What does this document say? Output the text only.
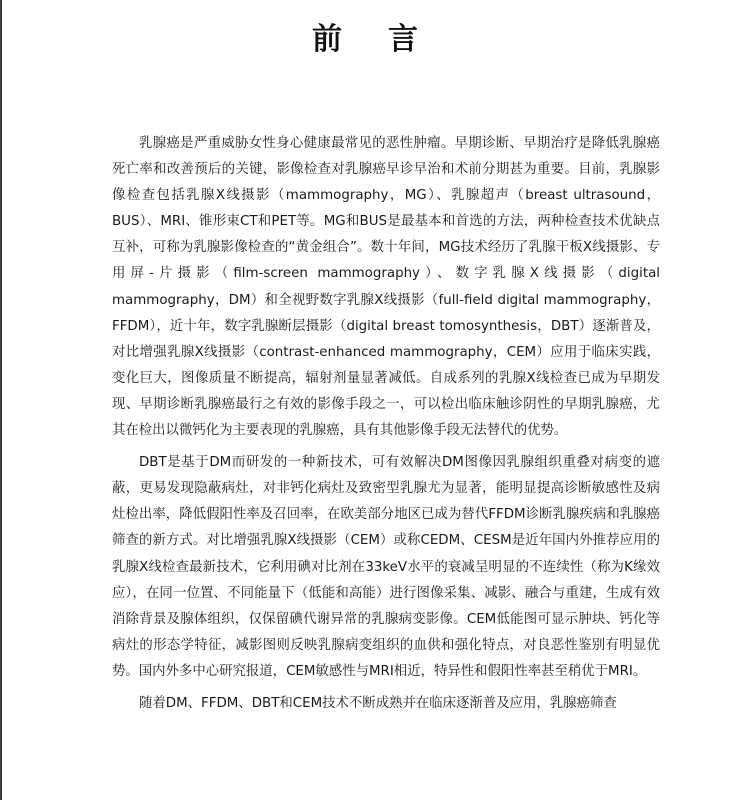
前言

乳腺癌是严重威胁女性身心健康最常见的恶性肿瘤。早期诊断、早期治疗是降低乳腺癌死亡率和改善预后的关键，影像检查对乳腺癌早诊早治和术前分期甚为重要。目前，乳腺影像检查包括乳腺X线摄影（mammography，MG）、乳腺超声（breast ultrasound，BUS）、MRI、锥形束CT和PET等。MG和BUS是最基本和首选的方法，两种检查技术优缺点互补，可称为乳腺影像检查的“黄金组合”。数十年间，MG技术经历了乳腺干板X线摄影、专用屏-片摄影（film-screen mammography）、数字乳腺X线摄影（digital mammography，DM）和全视野数字乳腺X线摄影（full-field digital mammography，FFDM），近十年，数字乳腺断层摄影（digital breast tomosynthesis，DBT）逐渐普及，对比增强乳腺X线摄影（contrast-enhanced mammography，CEM）应用于临床实践，变化巨大，图像质量不断提高，辐射剂量显著减低。自成系列的乳腺X线检查已成为早期发现、早期诊断乳腺癌最行之有效的影像手段之一，可以检出临床触诊阴性的早期乳腺癌，尤其在检出以微钙化为主要表现的乳腺癌，具有其他影像手段无法替代的优势。

DBT是基于DM而研发的一种新技术，可有效解决DM图像因乳腺组织重叠对病变的遮蔽，更易发现隐蔽病灶，对非钙化病灶及致密型乳腺尤为显著，能明显提高诊断敏感性及病灶检出率，降低假阳性率及召回率，在欧美部分地区已成为替代FFDM诊断乳腺疾病和乳腺癌筛查的新方式。对比增强乳腺X线摄影（CEM）或称CEDM、CESM是近年国内外推荐应用的乳腺X线检查最新技术，它利用碘对比剂在33keV水平的衰减呈明显的不连续性（称为K缘效应），在同一位置、不同能量下（低能和高能）进行图像采集、减影、融合与重建，生成有效消除背景及腺体组织，仅保留碘代谢异常的乳腺病变影像。CEM低能图可显示肿块、钙化等病灶的形态学特征，减影图则反映乳腺病变组织的血供和强化特点，对良恶性鉴别有明显优势。国内外多中心研究报道，CEM敏感性与MRI相近，特异性和假阳性率甚至稍优于MRI。

随着DM、FFDM、DBT和CEM技术不断成熟并在临床逐渐普及应用，乳腺癌筛查
